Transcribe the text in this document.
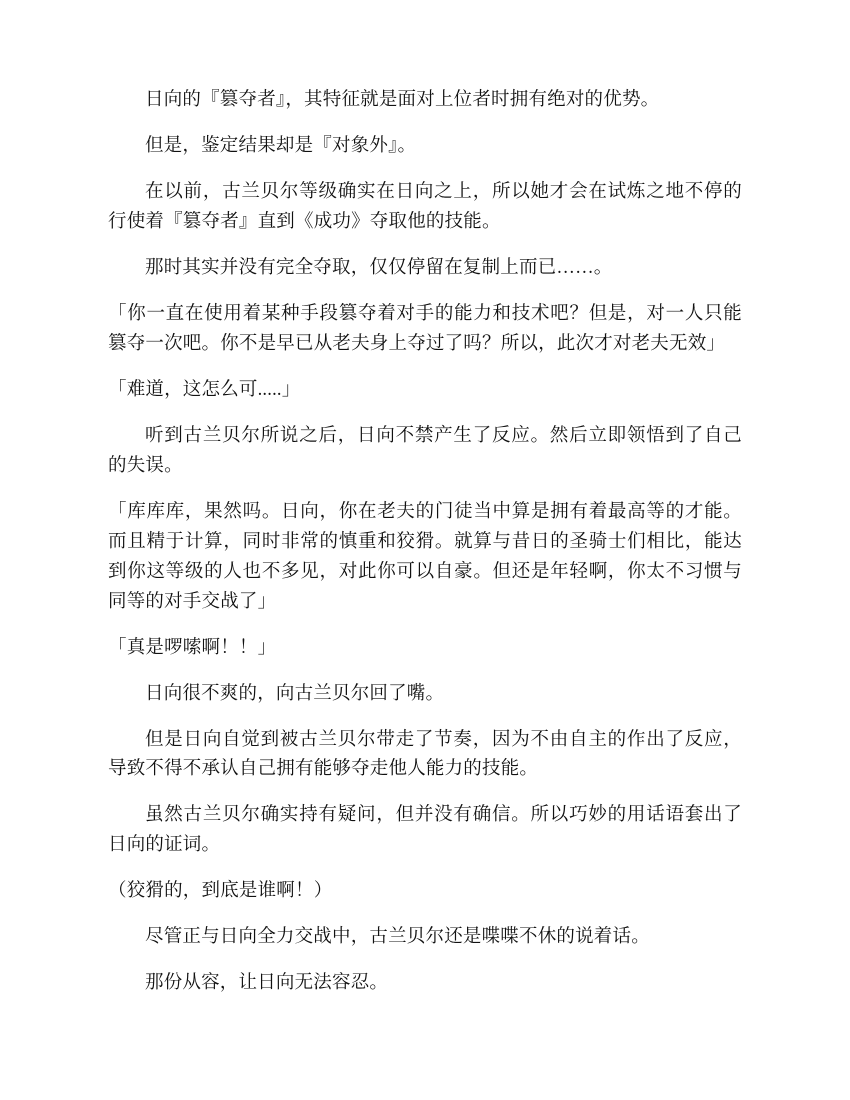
日向的『篡夺者』，其特征就是面对上位者时拥有绝对的优势。

但是，鉴定结果却是『对象外』。

在以前，古兰贝尔等级确实在日向之上，所以她才会在试炼之地不停的行使着『篡夺者』直到《成功》夺取他的技能。

那时其实并没有完全夺取，仅仅停留在复制上而已……。

「你一直在使用着某种手段篡夺着对手的能力和技术吧？但是，对一人只能篡夺一次吧。你不是早已从老夫身上夺过了吗？所以，此次才对老夫无效」

「难道，这怎么可.....」

听到古兰贝尔所说之后，日向不禁产生了反应。然后立即领悟到了自己的失误。

「库库库，果然吗。日向，你在老夫的门徒当中算是拥有着最高等的才能。而且精于计算，同时非常的慎重和狡猾。就算与昔日的圣骑士们相比，能达到你这等级的人也不多见，对此你可以自豪。但还是年轻啊，你太不习惯与同等的对手交战了」

「真是啰嗦啊！！」

日向很不爽的，向古兰贝尔回了嘴。

但是日向自觉到被古兰贝尔带走了节奏，因为不由自主的作出了反应，导致不得不承认自己拥有能够夺走他人能力的技能。

虽然古兰贝尔确实持有疑问，但并没有确信。所以巧妙的用话语套出了日向的证词。

（狡猾的，到底是谁啊！）

尽管正与日向全力交战中，古兰贝尔还是喋喋不休的说着话。

那份从容，让日向无法容忍。
